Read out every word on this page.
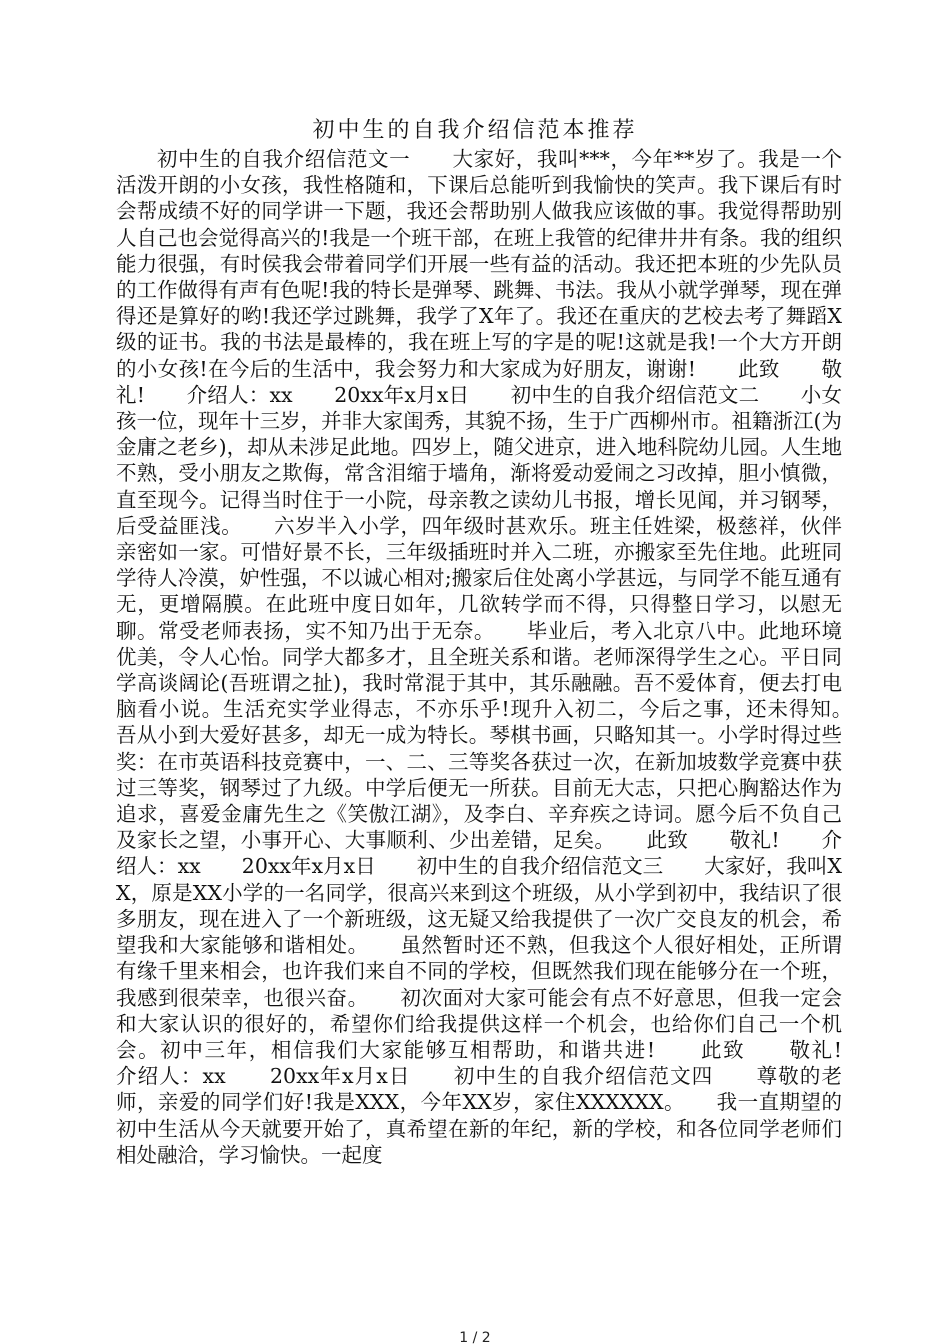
初中生的自我介绍信范本推荐
初中生的自我介绍信范文一　　大家好，我叫***，今年**岁了。我是一个活泼开朗的小女孩，我性格随和，下课后总能听到我愉快的笑声。我下课后有时会帮成绩不好的同学讲一下题，我还会帮助别人做我应该做的事。我觉得帮助别人自己也会觉得高兴的!我是一个班干部，在班上我管的纪律井井有条。我的组织能力很强，有时侯我会带着同学们开展一些有益的活动。我还把本班的少先队员的工作做得有声有色呢!我的特长是弹琴、跳舞、书法。我从小就学弹琴，现在弹得还是算好的哟!我还学过跳舞，我学了X年了。我还在重庆的艺校去考了舞蹈X级的证书。我的书法是最棒的，我在班上写的字是的呢!这就是我!一个大方开朗的小女孩!在今后的生活中，我会努力和大家成为好朋友，谢谢!　　此致　　敬礼!　　介绍人：xx　　20xx年x月x日　　初中生的自我介绍信范文二　　小女孩一位，现年十三岁，并非大家闺秀，其貌不扬，生于广西柳州市。祖籍浙江(为金庸之老乡)，却从未涉足此地。四岁上，随父进京，进入地科院幼儿园。人生地不熟，受小朋友之欺侮，常含泪缩于墙角，渐将爱动爱闹之习改掉，胆小慎微，直至现今。记得当时住于一小院，母亲教之读幼儿书报，增长见闻，并习钢琴，后受益匪浅。　　六岁半入小学，四年级时甚欢乐。班主任姓梁，极慈祥，伙伴亲密如一家。可惜好景不长，三年级插班时并入二班，亦搬家至先住地。此班同学待人冷漠，妒性强，不以诚心相对;搬家后住处离小学甚远，与同学不能互通有无，更增隔膜。在此班中度日如年，几欲转学而不得，只得整日学习，以慰无聊。常受老师表扬，实不知乃出于无奈。　　毕业后，考入北京八中。此地环境优美，令人心怡。同学大都多才，且全班关系和谐。老师深得学生之心。平日同学高谈阔论(吾班谓之扯)，我时常混于其中，其乐融融。吾不爱体育，便去打电脑看小说。生活充实学业得志，不亦乐乎!现升入初二，今后之事，还未得知。　　吾从小到大爱好甚多，却无一成为特长。琴棋书画，只略知其一。小学时得过些奖：在市英语科技竞赛中，一、二、三等奖各获过一次，在新加坡数学竞赛中获过三等奖，钢琴过了九级。中学后便无一所获。目前无大志，只把心胸豁达作为追求，喜爱金庸先生之《笑傲江湖》，及李白、辛弃疾之诗词。愿今后不负自己及家长之望，小事开心、大事顺利、少出差错，足矣。　　此致　　敬礼!　　介绍人：xx　　20xx年x月x日　　初中生的自我介绍信范文三　　大家好，我叫XX，原是XX小学的一名同学，很高兴来到这个班级，从小学到初中，我结识了很多朋友，现在进入了一个新班级，这无疑又给我提供了一次广交良友的机会，希望我和大家能够和谐相处。　　虽然暂时还不熟，但我这个人很好相处，正所谓有缘千里来相会，也许我们来自不同的学校，但既然我们现在能够分在一个班，我感到很荣幸，也很兴奋。　　初次面对大家可能会有点不好意思，但我一定会和大家认识的很好的，希望你们给我提供这样一个机会，也给你们自己一个机会。初中三年，相信我们大家能够互相帮助，和谐共进!　　此致　　敬礼!　　介绍人：xx　　20xx年x月x日　　初中生的自我介绍信范文四　　尊敬的老师，亲爱的同学们好!我是XXX，今年XX岁，家住XXXXXX。　　我一直期望的初中生活从今天就要开始了，真希望在新的年纪，新的学校，和各位同学老师们相处融洽，学习愉快。一起度
1 / 2
